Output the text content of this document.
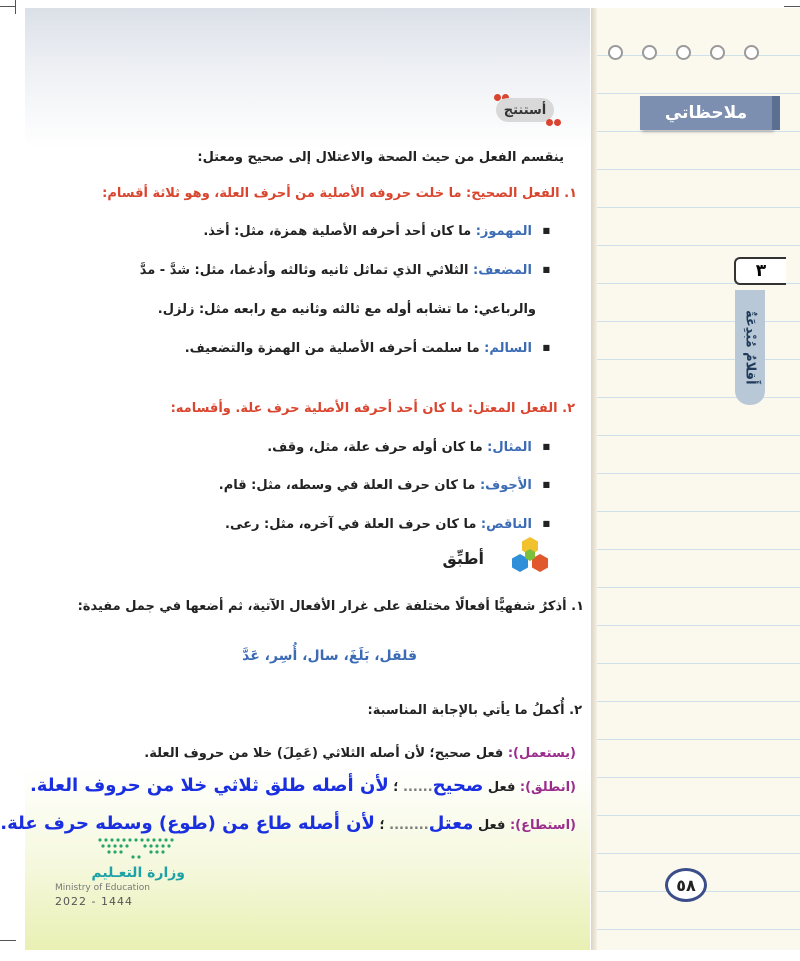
ملاحظاتي
٣
أَقلامٌ مُبْدِعَةٌ
٥٨
أستنتج
ينقسم الفعل من حيث الصحة والاعتلال إلى صحيح ومعتل:
١. الفعل الصحيح: ما خلت حروفه الأصلية من أحرف العلة، وهو ثلاثة أقسام:
■ المهموز: ما كان أحد أحرفه الأصلية همزة، مثل: أخذ.
■ المضعف: الثلاثي الذي تماثل ثانيه وثالثه وأدغما، مثل: شدَّ - مدَّ
والرباعي: ما تشابه أوله مع ثالثه وثانيه مع رابعه مثل: زلزل.
■ السالم: ما سلمت أحرفه الأصلية من الهمزة والتضعيف.
٢. الفعل المعتل: ما كان أحد أحرفه الأصلية حرف علة. وأقسامه:
■ المثال: ما كان أوله حرف علة، مثل، وقف.
■ الأجوف: ما كان حرف العلة في وسطه، مثل: قام.
■ الناقص: ما كان حرف العلة في آخره، مثل: رعى.
أطبِّق
١. أذكرُ شفهيًّا أفعالًا مختلفة على غرار الأفعال الآتية، ثم أضعها في جمل مفيدة:
قلقل، بَلَغَ، سال، أُسِر، عَدَّ
٢. أُكملُ ما يأتي بالإجابة المناسبة:
(يستعمل): فعل صحيح؛ لأن أصله الثلاثي (عَمِلَ) خلا من حروف العلة.
(انطلق): فعل صحيح...... ؛ لأن أصله طلق ثلاثي خلا من حروف العلة.
(استطاع): فعل معتل........ ؛ لأن أصله طاع من (طوع) وسطه حرف علة.
وزارة التعـليم
Ministry of Education
2022 - 1444
